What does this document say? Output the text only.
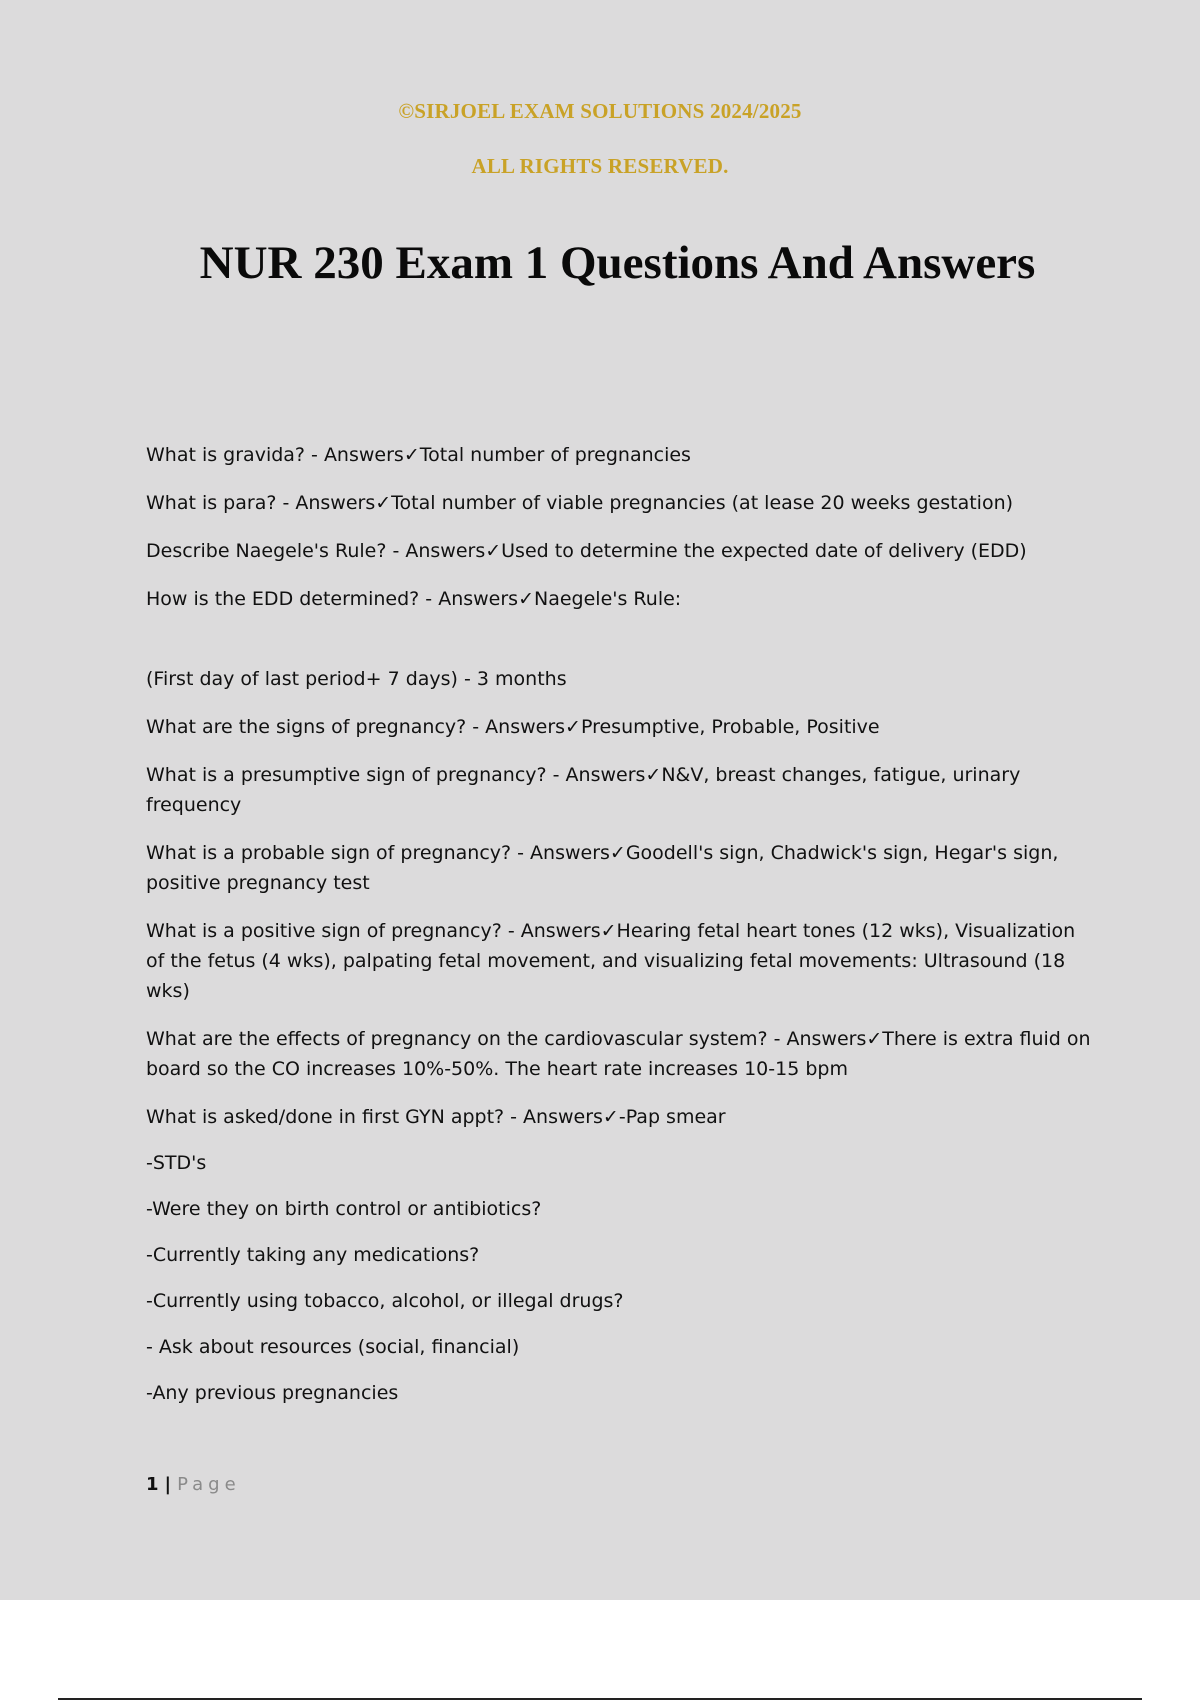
©SIRJOEL EXAM SOLUTIONS 2024/2025
ALL RIGHTS RESERVED.
NUR 230 Exam 1 Questions And Answers

What is gravida? - Answers✓Total number of pregnancies

What is para? - Answers✓Total number of viable pregnancies (at lease 20 weeks gestation)

Describe Naegele's Rule? - Answers✓Used to determine the expected date of delivery (EDD)

How is the EDD determined? - Answers✓Naegele's Rule:

(First day of last period+ 7 days) - 3 months

What are the signs of pregnancy? - Answers✓Presumptive, Probable, Positive

What is a presumptive sign of pregnancy? - Answers✓N&V, breast changes, fatigue, urinary frequency

What is a probable sign of pregnancy? - Answers✓Goodell's sign, Chadwick's sign, Hegar's sign, positive pregnancy test

What is a positive sign of pregnancy? - Answers✓Hearing fetal heart tones (12 wks), Visualization of the fetus (4 wks), palpating fetal movement, and visualizing fetal movements: Ultrasound (18 wks)

What are the effects of pregnancy on the cardiovascular system? - Answers✓There is extra fluid on board so the CO increases 10%-50%. The heart rate increases 10-15 bpm

What is asked/done in first GYN appt? - Answers✓-Pap smear

-STD's

-Were they on birth control or antibiotics?

-Currently taking any medications?

-Currently using tobacco, alcohol, or illegal drugs?

- Ask about resources (social, financial)

-Any previous pregnancies

1 | Page
